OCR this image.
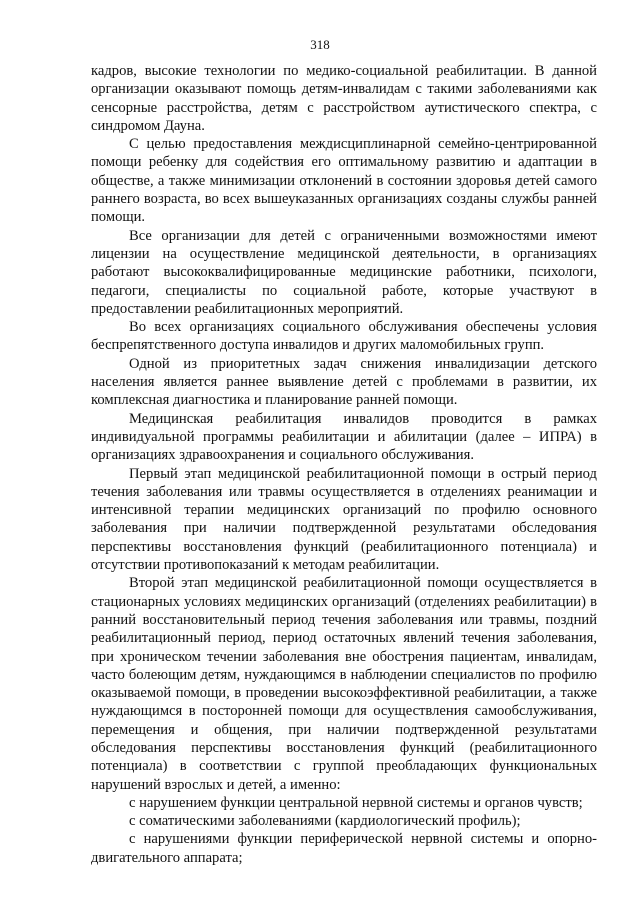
318

кадров, высокие технологии по медико-социальной реабилитации. В данной организации оказывают помощь детям-инвалидам с такими заболеваниями как сенсорные расстройства, детям с расстройством аутистического спектра, с синдромом Дауна.

С целью предоставления междисциплинарной семейно-центрированной помощи ребенку для содействия его оптимальному развитию и адаптации в обществе, а также минимизации отклонений в состоянии здоровья детей самого раннего возраста, во всех вышеуказанных организациях созданы службы ранней помощи.

Все организации для детей с ограниченными возможностями имеют лицензии на осуществление медицинской деятельности, в организациях работают высококвалифицированные медицинские работники, психологи, педагоги, специалисты по социальной работе, которые участвуют в предоставлении реабилитационных мероприятий.

Во всех организациях социального обслуживания обеспечены условия беспрепятственного доступа инвалидов и других маломобильных групп.

Одной из приоритетных задач снижения инвалидизации детского населения является раннее выявление детей с проблемами в развитии, их комплексная диагностика и планирование ранней помощи.

Медицинская реабилитация инвалидов проводится в рамках индивидуальной программы реабилитации и абилитации (далее – ИПРА) в организациях здравоохранения и социального обслуживания.

Первый этап медицинской реабилитационной помощи в острый период течения заболевания или травмы осуществляется в отделениях реанимации и интенсивной терапии медицинских организаций по профилю основного заболевания при наличии подтвержденной результатами обследования перспективы восстановления функций (реабилитационного потенциала) и отсутствии противопоказаний к методам реабилитации.

Второй этап медицинской реабилитационной помощи осуществляется в стационарных условиях медицинских организаций (отделениях реабилитации) в ранний восстановительный период течения заболевания или травмы, поздний реабилитационный период, период остаточных явлений течения заболевания, при хроническом течении заболевания вне обострения пациентам, инвалидам, часто болеющим детям, нуждающимся в наблюдении специалистов по профилю оказываемой помощи, в проведении высокоэффективной реабилитации, а также нуждающимся в посторонней помощи для осуществления самообслуживания, перемещения и общения, при наличии подтвержденной результатами обследования перспективы восстановления функций (реабилитационного потенциала) в соответствии с группой преобладающих функциональных нарушений взрослых и детей, а именно:

с нарушением функции центральной нервной системы и органов чувств;

с соматическими заболеваниями (кардиологический профиль);

с нарушениями функции периферической нервной системы и опорно-двигательного аппарата;
